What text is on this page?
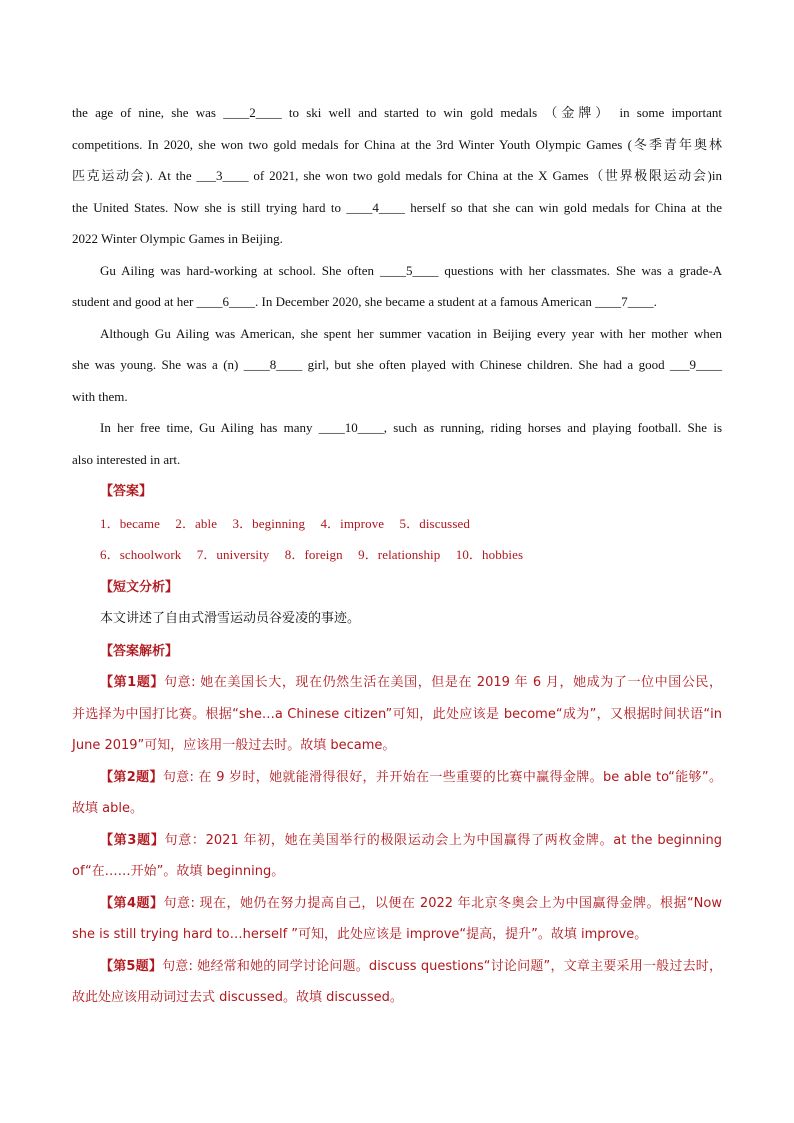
the age of nine, she was ____2____ to ski well and started to win gold medals （金牌） in some important
competitions. In 2020, she won two gold medals for China at the 3rd Winter Youth Olympic Games (冬季青年奥林
匹克运动会). At the ___3____ of 2021, she won two gold medals for China at the X Games（世界极限运动会)in
the United States. Now she is still trying hard to ____4____ herself so that she can win gold medals for China at the
2022 Winter Olympic Games in Beijing.
Gu Ailing was hard-working at school. She often ____5____ questions with her classmates. She was a grade-A
student and good at her ____6____. In December 2020, she became a student at a famous American ____7____.
Although Gu Ailing was American, she spent her summer vacation in Beijing every year with her mother when
she was young. She was a (n) ____8____ girl, but she often played with Chinese children. She had a good ___9____
with them.
In her free time, Gu Ailing has many ____10____, such as running, riding horses and playing football. She is
also interested in art.
【答案】
1．became 2．able 3．beginning 4．improve 5．discussed
6．schoolwork 7．university 8．foreign 9．relationship 10．hobbies
【短文分析】
本文讲述了自由式滑雪运动员谷爱凌的事迹。
【答案解析】
【第1题】句意: 她在美国长大，现在仍然生活在美国，但是在 2019 年 6 月，她成为了一位中国公民，
并选择为中国打比赛。根据“she…a Chinese citizen”可知，此处应该是 become“成为”，又根据时间状语“in
June 2019”可知，应该用一般过去时。故填 became。
【第2题】句意: 在 9 岁时，她就能滑得很好，并开始在一些重要的比赛中赢得金牌。be able to“能够”。
故填 able。
【第3题】句意：2021 年初，她在美国举行的极限运动会上为中国赢得了两枚金牌。at the beginning
of“在……开始”。故填 beginning。
【第4题】句意: 现在，她仍在努力提高自己，以便在 2022 年北京冬奥会上为中国赢得金牌。根据“Now
she is still trying hard to…herself ”可知，此处应该是 improve“提高，提升”。故填 improve。
【第5题】句意: 她经常和她的同学讨论问题。discuss questions“讨论问题”，文章主要采用一般过去时，
故此处应该用动词过去式 discussed。故填 discussed。
